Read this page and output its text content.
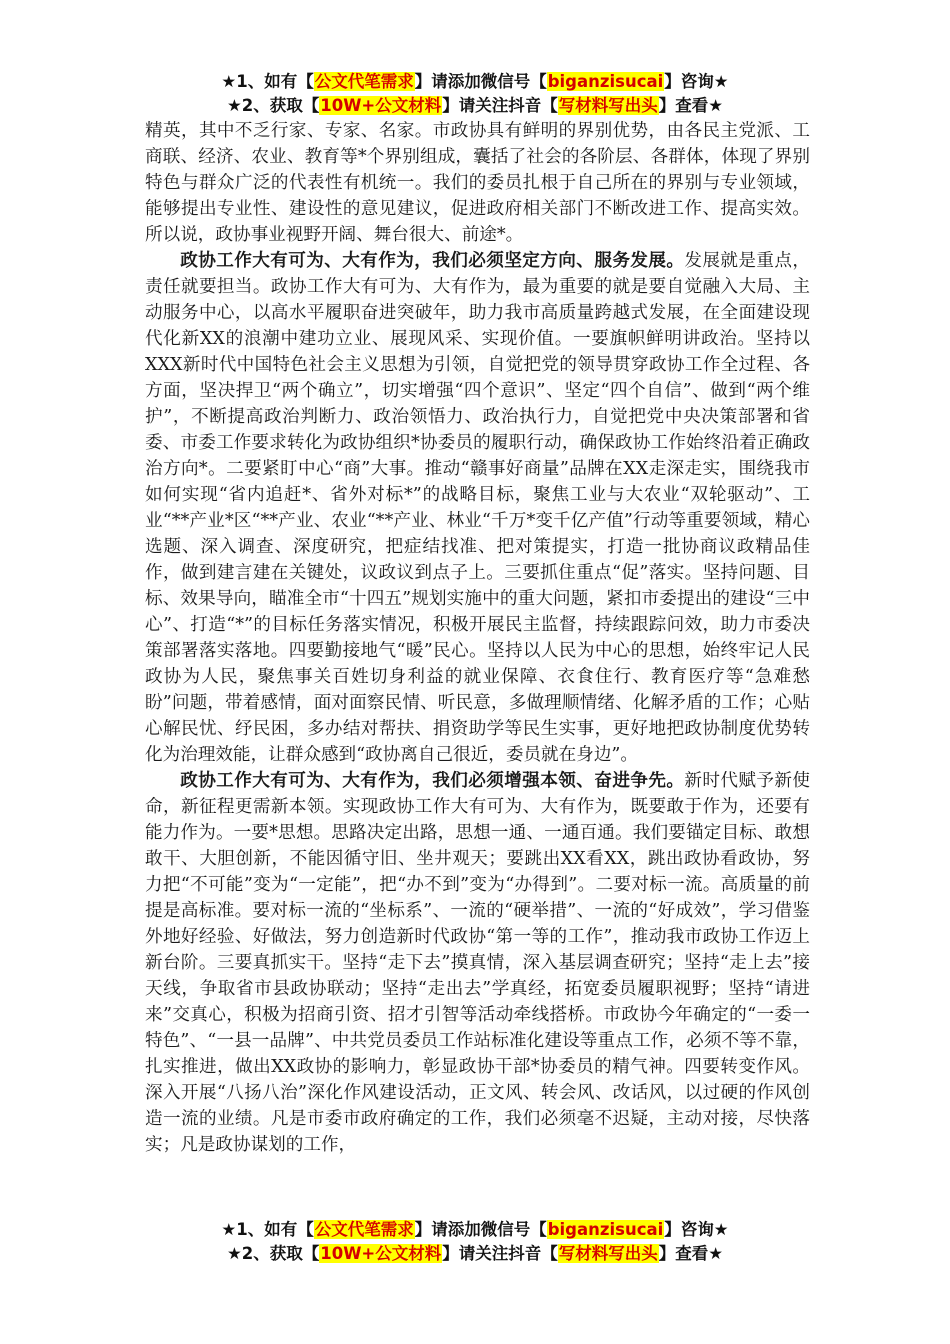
★1、如有【公文代笔需求】请添加微信号【biganzisucai】咨询★
★2、获取【10W+公文材料】请关注抖音【写材料写出头】查看★

精英，其中不乏行家、专家、名家。市政协具有鲜明的界别优势，由各民主党派、工商联、经济、农业、教育等*个界别组成，囊括了社会的各阶层、各群体，体现了界别特色与群众广泛的代表性有机统一。我们的委员扎根于自己所在的界别与专业领域，能够提出专业性、建设性的意见建议，促进政府相关部门不断改进工作、提高实效。所以说，政协事业视野开阔、舞台很大、前途*。

政协工作大有可为、大有作为，我们必须坚定方向、服务发展。发展就是重点，责任就要担当。政协工作大有可为、大有作为，最为重要的就是要自觉融入大局、主动服务中心，以高水平履职奋进突破年，助力我市高质量跨越式发展，在全面建设现代化新XX的浪潮中建功立业、展现风采、实现价值。一要旗帜鲜明讲政治。坚持以XXX新时代中国特色社会主义思想为引领，自觉把党的领导贯穿政协工作全过程、各方面，坚决捍卫“两个确立”，切实增强“四个意识”、坚定“四个自信”、做到“两个维护”，不断提高政治判断力、政治领悟力、政治执行力，自觉把党中央决策部署和省委、市委工作要求转化为政协组织*协委员的履职行动，确保政协工作始终沿着正确政治方向*。二要紧盯中心“商”大事。推动“赣事好商量”品牌在XX走深走实，围绕我市如何实现“省内追赶*、省外对标*”的战略目标，聚焦工业与大农业“双轮驱动”、工业“**产业*区“**产业、农业“**产业、林业“千万*变千亿产值”行动等重要领域，精心选题、深入调查、深度研究，把症结找准、把对策提实，打造一批协商议政精品佳作，做到建言建在关键处，议政议到点子上。三要抓住重点“促”落实。坚持问题、目标、效果导向，瞄准全市“十四五”规划实施中的重大问题，紧扣市委提出的建设“三中心”、打造“*”的目标任务落实情况，积极开展民主监督，持续跟踪问效，助力市委决策部署落实落地。四要勤接地气“暖”民心。坚持以人民为中心的思想，始终牢记人民政协为人民，聚焦事关百姓切身利益的就业保障、衣食住行、教育医疗等“急难愁盼”问题，带着感情，面对面察民情、听民意，多做理顺情绪、化解矛盾的工作；心贴心解民忧、纾民困，多办结对帮扶、捐资助学等民生实事，更好地把政协制度优势转化为治理效能，让群众感到“政协离自己很近，委员就在身边”。

政协工作大有可为、大有作为，我们必须增强本领、奋进争先。新时代赋予新使命，新征程更需新本领。实现政协工作大有可为、大有作为，既要敢于作为，还要有能力作为。一要*思想。思路决定出路，思想一通、一通百通。我们要锚定目标、敢想敢干、大胆创新，不能因循守旧、坐井观天；要跳出XX看XX，跳出政协看政协，努力把“不可能”变为“一定能”，把“办不到”变为“办得到”。二要对标一流。高质量的前提是高标准。要对标一流的“坐标系”、一流的“硬举措”、一流的“好成效”，学习借鉴外地好经验、好做法，努力创造新时代政协“第一等的工作”，推动我市政协工作迈上新台阶。三要真抓实干。坚持“走下去”摸真情，深入基层调查研究；坚持“走上去”接天线，争取省市县政协联动；坚持“走出去”学真经，拓宽委员履职视野；坚持“请进来”交真心，积极为招商引资、招才引智等活动牵线搭桥。市政协今年确定的“一委一特色”、“一县一品牌”、中共党员委员工作站标准化建设等重点工作，必须不等不靠，扎实推进，做出XX政协的影响力，彰显政协干部*协委员的精气神。四要转变作风。深入开展“八扬八治”深化作风建设活动，正文风、转会风、改话风，以过硬的作风创造一流的业绩。凡是市委市政府确定的工作，我们必须毫不迟疑，主动对接，尽快落实；凡是政协谋划的工作，

★1、如有【公文代笔需求】请添加微信号【biganzisucai】咨询★
★2、获取【10W+公文材料】请关注抖音【写材料写出头】查看★
